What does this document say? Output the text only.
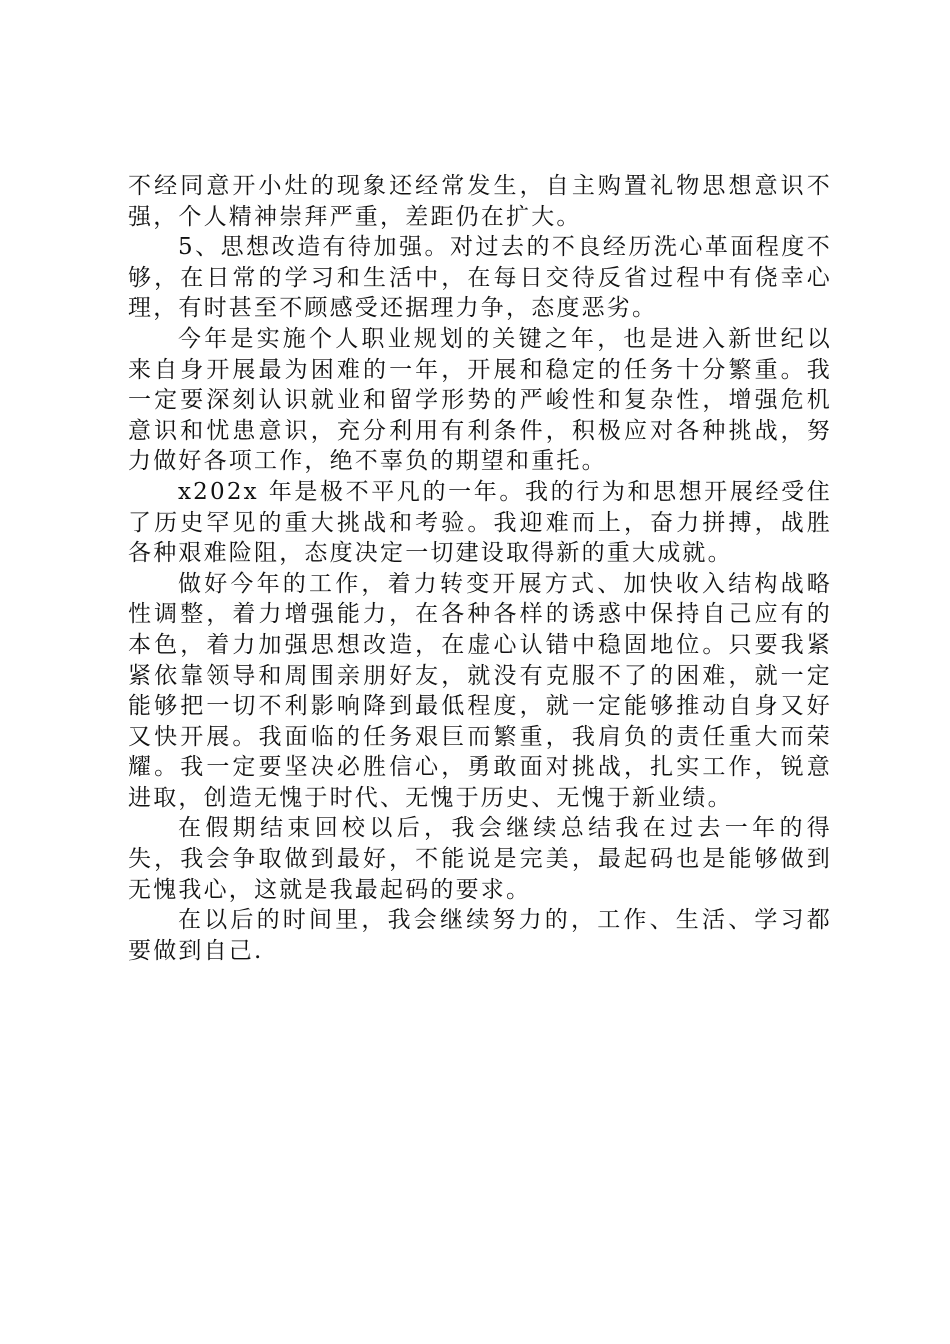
不经同意开小灶的现象还经常发生，自主购置礼物思想意识不强，个人精神崇拜严重，差距仍在扩大。

5、思想改造有待加强。对过去的不良经历洗心革面程度不够，在日常的学习和生活中，在每日交待反省过程中有侥幸心理，有时甚至不顾感受还据理力争，态度恶劣。

今年是实施个人职业规划的关键之年，也是进入新世纪以来自身开展最为困难的一年，开展和稳定的任务十分繁重。我一定要深刻认识就业和留学形势的严峻性和复杂性，增强危机意识和忧患意识，充分利用有利条件，积极应对各种挑战，努力做好各项工作，绝不辜负的期望和重托。

x202x 年是极不平凡的一年。我的行为和思想开展经受住了历史罕见的重大挑战和考验。我迎难而上，奋力拼搏，战胜各种艰难险阻，态度决定一切建设取得新的重大成就。

做好今年的工作，着力转变开展方式、加快收入结构战略性调整，着力增强能力，在各种各样的诱惑中保持自己应有的本色，着力加强思想改造，在虚心认错中稳固地位。只要我紧紧依靠领导和周围亲朋好友，就没有克服不了的困难，就一定能够把一切不利影响降到最低程度，就一定能够推动自身又好又快开展。我面临的任务艰巨而繁重，我肩负的责任重大而荣耀。我一定要坚决必胜信心，勇敢面对挑战，扎实工作，锐意进取，创造无愧于时代、无愧于历史、无愧于新业绩。

在假期结束回校以后，我会继续总结我在过去一年的得失，我会争取做到最好，不能说是完美，最起码也是能够做到无愧我心，这就是我最起码的要求。

在以后的时间里，我会继续努力的，工作、生活、学习都要做到自己.
